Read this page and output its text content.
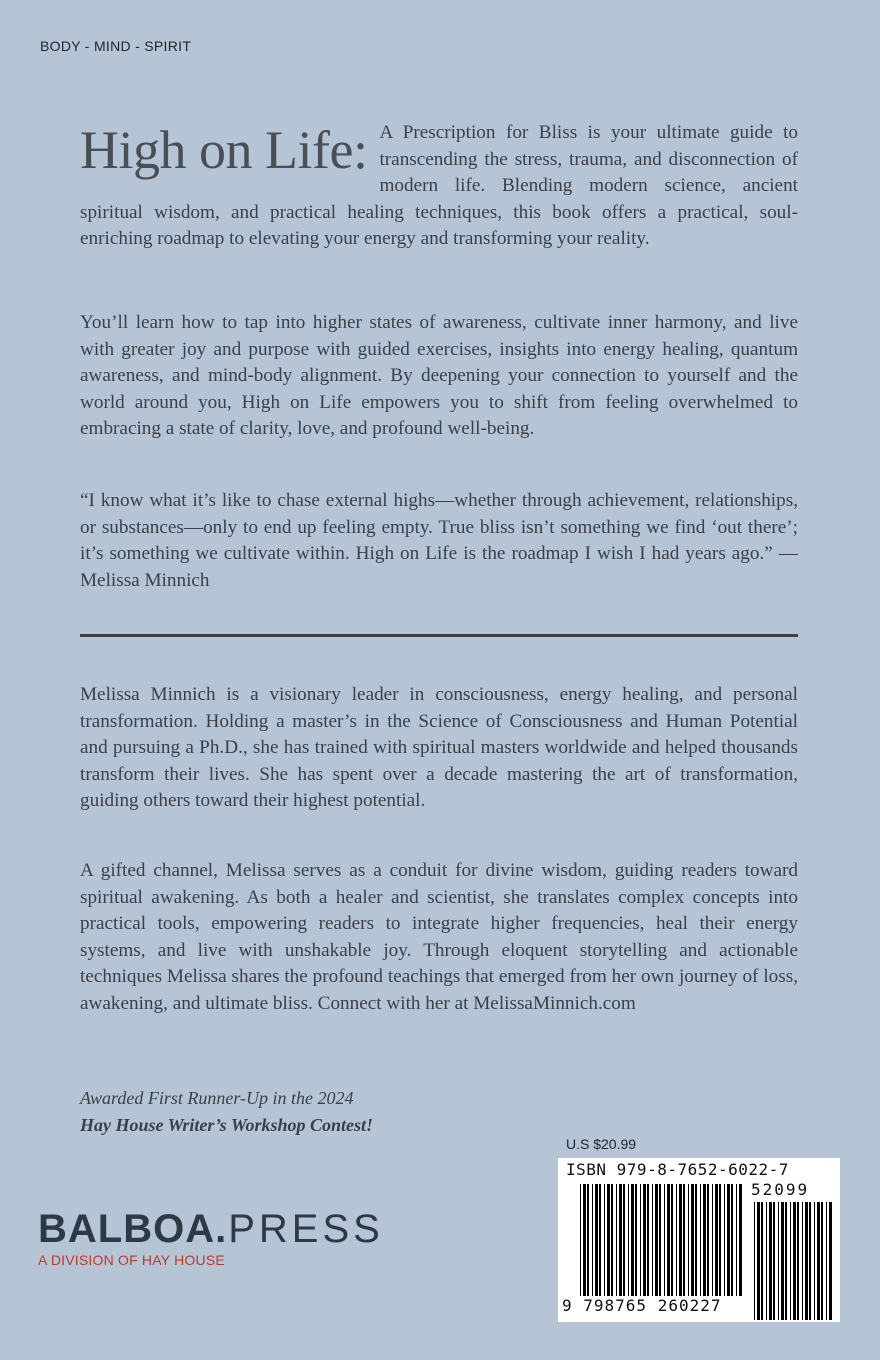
BODY - MIND - SPIRIT
High on Life: A Prescription for Bliss is your ultimate guide to transcending the stress, trauma, and disconnection of modern life. Blending modern science, ancient spiritual wisdom, and practical healing techniques, this book offers a practical, soul-enriching roadmap to elevating your energy and transforming your reality.

You’ll learn how to tap into higher states of awareness, cultivate inner harmony, and live with greater joy and purpose with guided exercises, insights into energy healing, quantum awareness, and mind-body alignment. By deepening your connection to yourself and the world around you, High on Life empowers you to shift from feeling overwhelmed to embracing a state of clarity, love, and profound well-being.

“I know what it’s like to chase external highs—whether through achievement, relationships, or substances—only to end up feeling empty. True bliss isn’t something we find ‘out there’; it’s something we cultivate within. High on Life is the roadmap I wish I had years ago.” —Melissa Minnich

Melissa Minnich is a visionary leader in consciousness, energy healing, and personal transformation. Holding a master’s in the Science of Consciousness and Human Potential and pursuing a Ph.D., she has trained with spiritual masters worldwide and helped thousands transform their lives. She has spent over a decade mastering the art of transformation, guiding others toward their highest potential.

A gifted channel, Melissa serves as a conduit for divine wisdom, guiding readers toward spiritual awakening. As both a healer and scientist, she translates complex concepts into practical tools, empowering readers to integrate higher frequencies, heal their energy systems, and live with unshakable joy. Through eloquent storytelling and actionable techniques Melissa shares the profound teachings that emerged from her own journey of loss, awakening, and ultimate bliss. Connect with her at MelissaMinnich.com

Awarded First Runner-Up in the 2024
Hay House Writer’s Workshop Contest!
BALBOA.PRESS
A DIVISION OF HAY HOUSE
U.S $20.99
ISBN 979-8-7652-6022-7
52099
9 798765 260227
